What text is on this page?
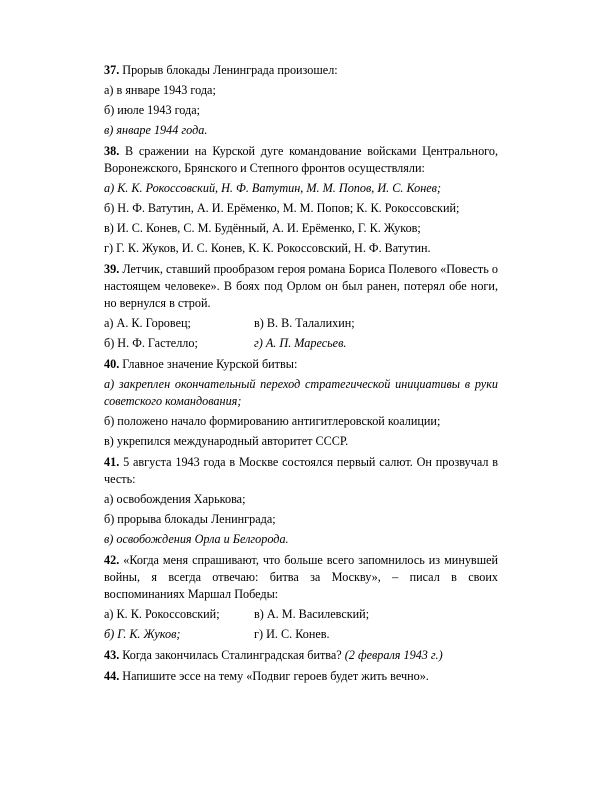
37. Прорыв блокады Ленинграда произошел:

а) в январе 1943 года;

б) июле 1943 года;

в) январе 1944 года.

38. В сражении на Курской дуге командование войсками Центрального, Воронежского, Брянского и Степного фронтов осуществляли:

а) К. К. Рокоссовский, Н. Ф. Ватутин, М. М. Попов, И. С. Конев;

б) Н. Ф. Ватутин, А. И. Ерёменко, М. М. Попов; К. К. Рокоссовский;

в) И. С. Конев, С. М. Будённый, А. И. Ерёменко, Г. К. Жуков;

г) Г. К. Жуков, И. С. Конев, К. К. Рокоссовский, Н. Ф. Ватутин.

39. Летчик, ставший прообразом героя романа Бориса Полевого «Повесть о настоящем человеке». В боях под Орлом он был ранен, потерял обе ноги, но вернулся в строй.

а) А. К. Горовец;	в) В. В. Талалихин;
б) Н. Ф. Гастелло;	г) А. П. Маресьев.

40. Главное значение Курской битвы:

а) закреплен окончательный переход стратегической инициативы в руки советского командования;

б) положено начало формированию антигитлеровской коалиции;

в) укрепился международный авторитет СССР.

41. 5 августа 1943 года в Москве состоялся первый салют. Он прозвучал в честь:

а) освобождения Харькова;

б) прорыва блокады Ленинграда;

в) освобождения Орла и Белгорода.

42. «Когда меня спрашивают, что больше всего запомнилось из минувшей войны, я всегда отвечаю: битва за Москву», – писал в своих воспоминаниях Маршал Победы:

а) К. К. Рокоссовский;	в) А. М. Василевский;
б) Г. К. Жуков;	г) И. С. Конев.

43. Когда закончилась Сталинградская битва? (2 февраля 1943 г.)

44. Напишите эссе на тему «Подвиг героев будет жить вечно».
